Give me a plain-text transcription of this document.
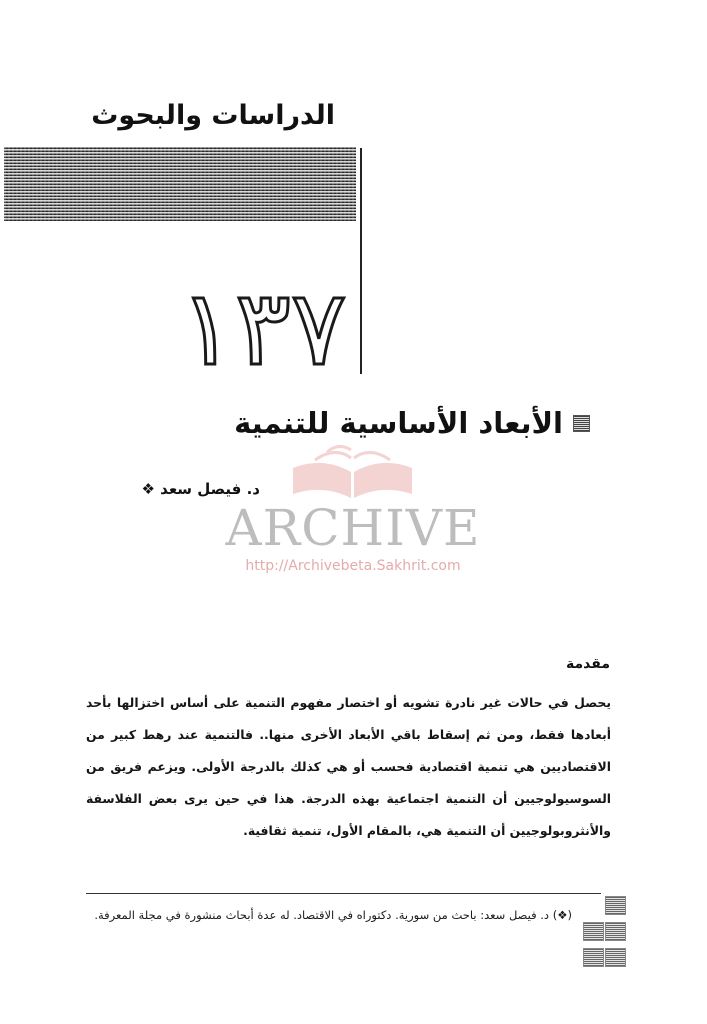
الدراسات والبحوث
١٣٧
الأبعاد الأساسية للتنمية
د. فيصل سعد ❖
ARCHIVE
http://Archivebeta.Sakhrit.com
مقدمة
يحصل في حالات غير نادرة تشويه أو اختصار مفهوم التنمية على أساس اختزالها بأحد أبعادها فقط، ومن ثم إسقاط باقي الأبعاد الأخرى منها.. فالتنمية عند رهط كبير من الاقتصاديين هي تنمية اقتصادية فحسب أو هي كذلك بالدرجة الأولى. ويزعم فريق من السوسيولوجيين أن التنمية اجتماعية بهذه الدرجة. هذا في حين يرى بعض الفلاسفة والأنثروبولوجيين أن التنمية هي، بالمقام الأول، تنمية ثقافية.
(❖) د. فيصل سعد: باحث من سورية. دكتوراه في الاقتصاد. له عدة أبحاث منشورة في مجلة المعرفة.
